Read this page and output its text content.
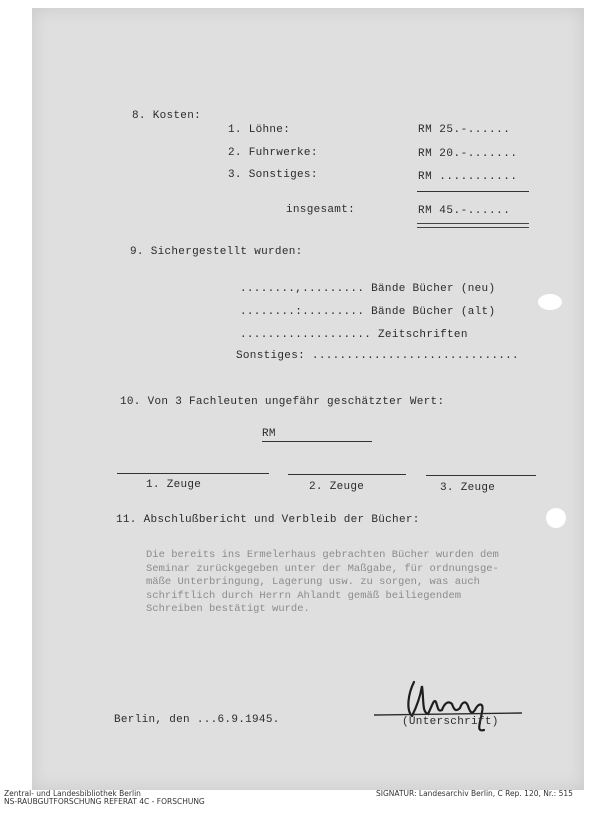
8. Kosten:
1. Löhne:	RM 25.-......
2. Fuhrwerke:	RM 20.-.......
3. Sonstiges:	RM ...........
insgesamt:	RM 45.-......
9. Sichergestellt wurden:
........,......... Bände Bücher (neu)
........:......... Bände Bücher (alt)
................... Zeitschriften
Sonstiges: ..............................
10. Von 3 Fachleuten ungefähr geschätzter Wert:
RM
1. Zeuge	2. Zeuge	3. Zeuge
11. Abschlußbericht und Verbleib der Bücher:
Die bereits ins Ermelerhaus gebrachten Bücher wurden dem
Seminar zurückgegeben unter der Maßgabe, für ordnungsge-
mäße Unterbringung, Lagerung usw. zu sorgen, was auch
schriftlich durch Herrn Ahlandt gemäß beiliegendem
Schreiben bestätigt wurde.
Berlin, den ...6.9.1945.	(Unterschrift)
Zentral- und Landesbibliothek Berlin
NS-RAUBGUTFORSCHUNG REFERAT 4C - FORSCHUNG
SIGNATUR: Landesarchiv Berlin, C Rep. 120, Nr.: 515
